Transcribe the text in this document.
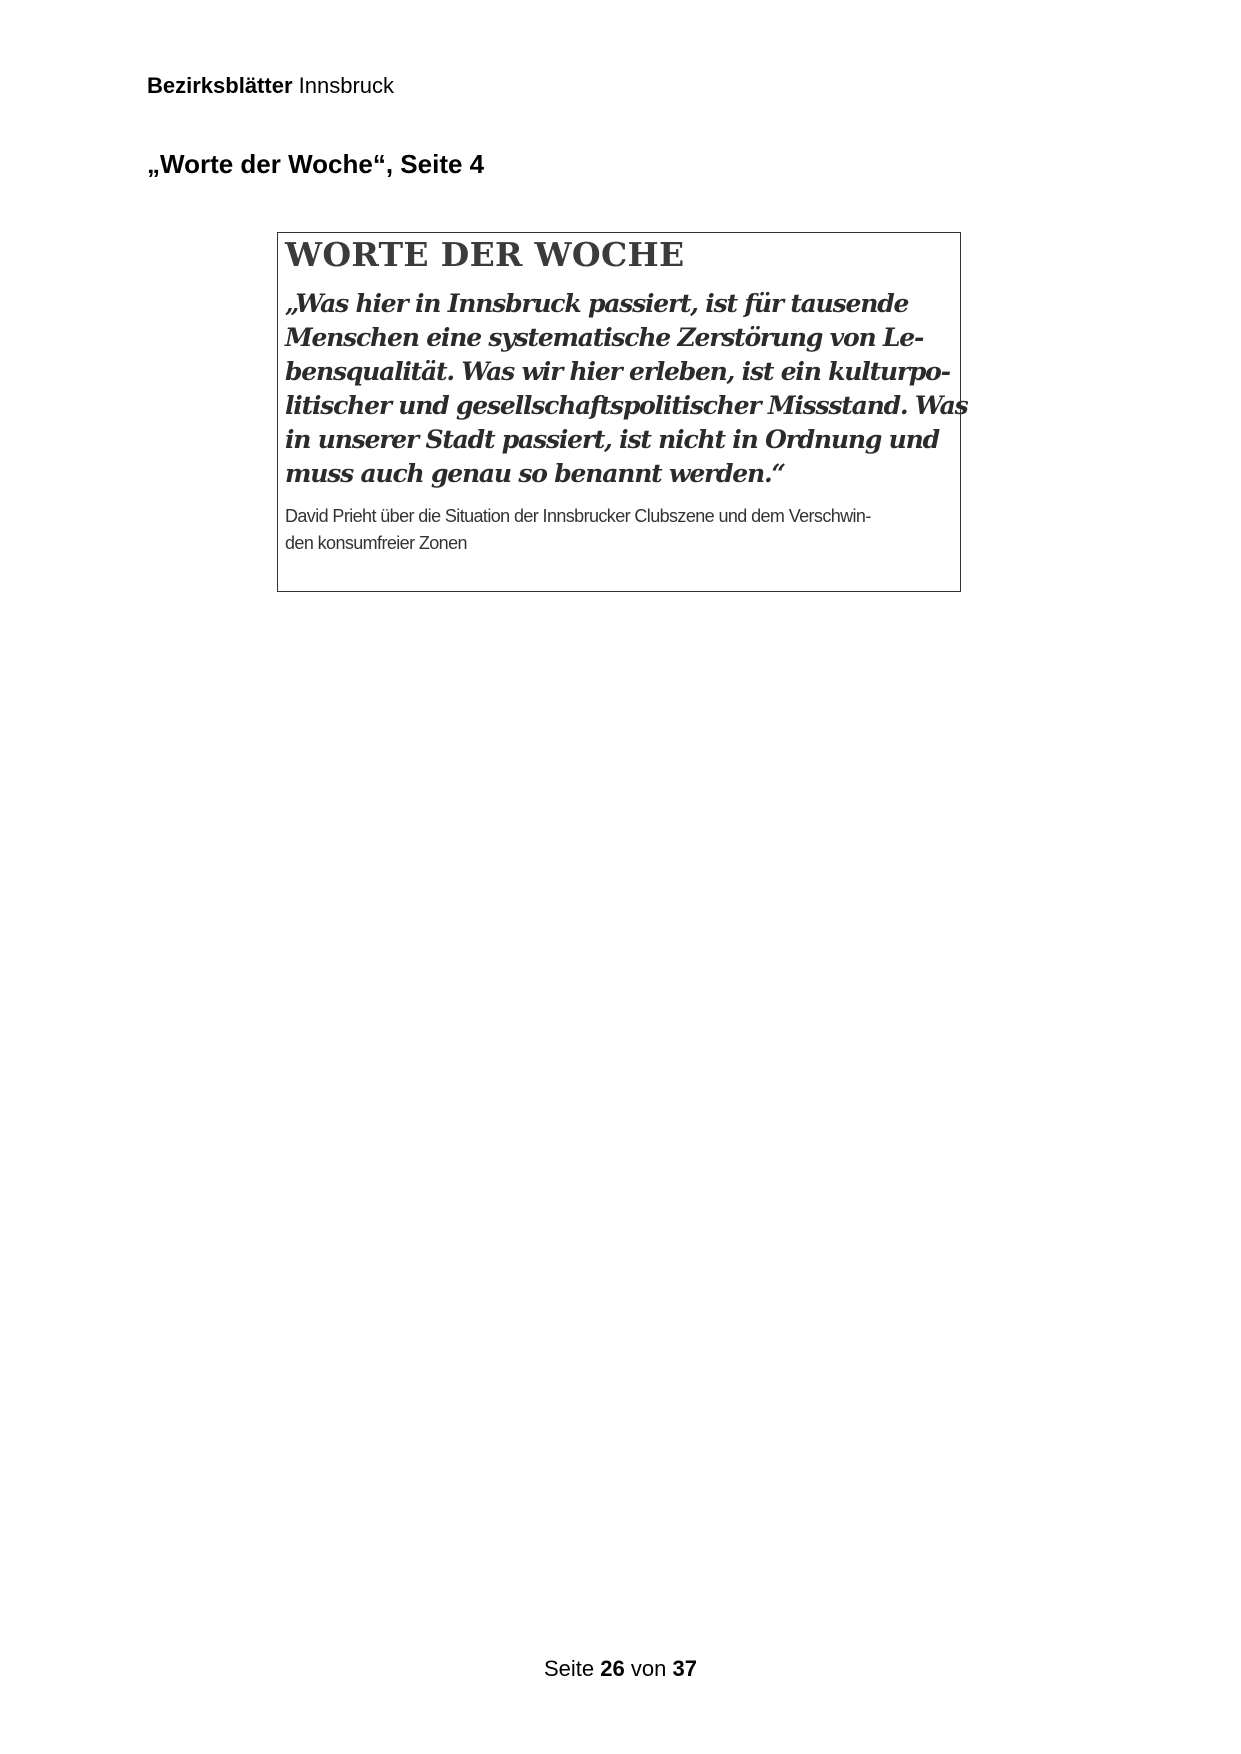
Bezirksblätter Innsbruck
„Worte der Woche“, Seite 4
WORTE DER WOCHE
„Was hier in Innsbruck passiert, ist für tausende
Menschen eine systematische Zerstörung von Le-
bensqualität. Was wir hier erleben, ist ein kulturpo-
litischer und gesellschaftspolitischer Missstand. Was
in unserer Stadt passiert, ist nicht in Ordnung und
muss auch genau so benannt werden.“
David Prieht über die Situation der Innsbrucker Clubszene und dem Verschwin-
den konsumfreier Zonen
Seite 26 von 37
